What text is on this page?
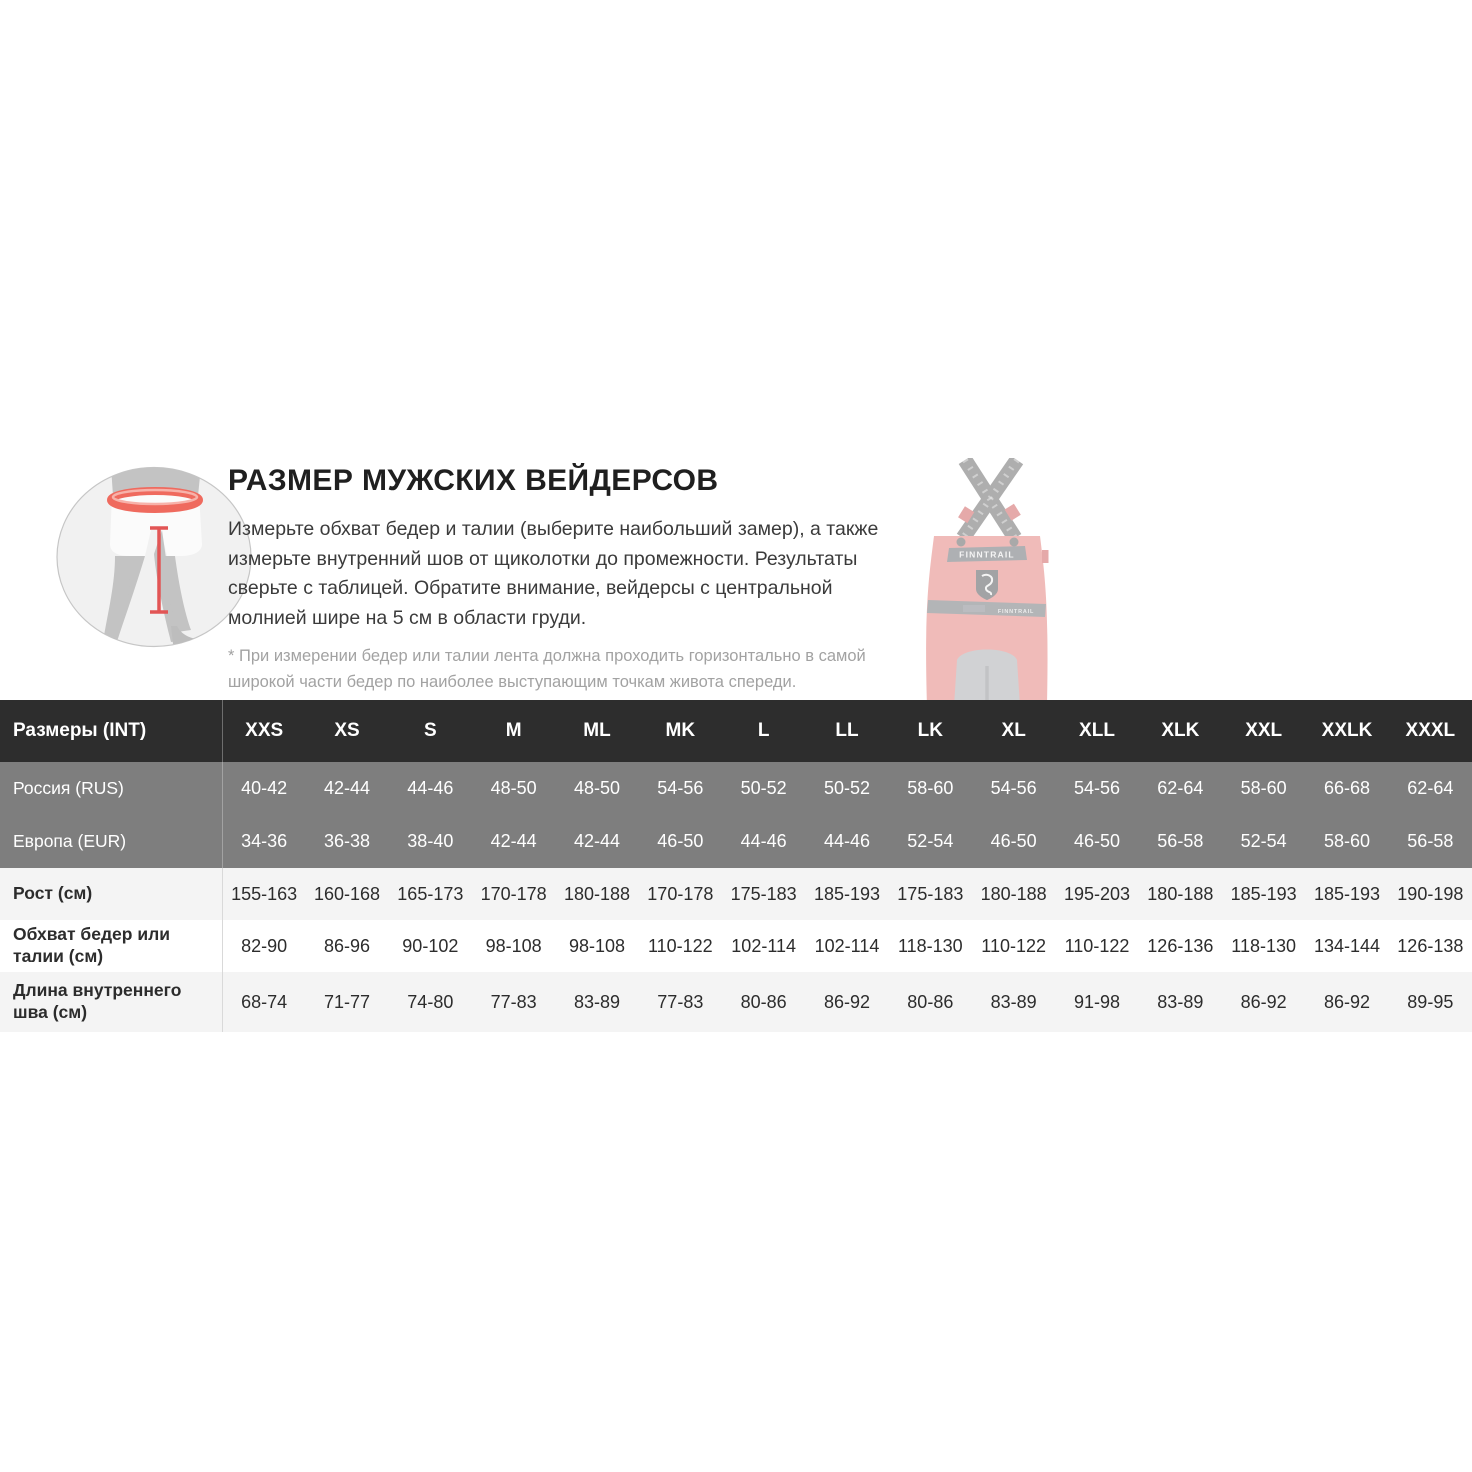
РАЗМЕР МУЖСКИХ ВЕЙДЕРСОВ
Измерьте обхват бедер и талии (выберите наибольший замер), а также измерьте внутренний шов от щиколотки до промежности. Результаты сверьте с таблицей. Обратите внимание, вейдерсы с центральной молнией шире на 5 см в области груди.
* При измерении бедер или талии лента должна проходить горизонтально в самой широкой части бедер по наиболее выступающим точкам живота спереди.
FINNTRAIL
FINNTRAIL
Размеры (INT)	XXS	XS	S	M	ML	MK	L	LL	LK	XL	XLL	XLK	XXL	XXLK	XXXL
Россия (RUS)	40-42	42-44	44-46	48-50	48-50	54-56	50-52	50-52	58-60	54-56	54-56	62-64	58-60	66-68	62-64
Европа (EUR)	34-36	36-38	38-40	42-44	42-44	46-50	44-46	44-46	52-54	46-50	46-50	56-58	52-54	58-60	56-58
Рост (см)	155-163 160-168 165-173 170-178 180-188 170-178 175-183 185-193 175-183 180-188 195-203 180-188 185-193 185-193 190-198
Обхват бедер или талии (см)
82-90	86-96	90-102	98-108	98-108	110-122	102-114	102-114	118-130	110-122	110-122 126-136 118-130 134-144 126-138
Длина внутреннего шва (см)
68-74	71-77	74-80	77-83	83-89	77-83	80-86	86-92	80-86	83-89	91-98	83-89	86-92	86-92	89-95
